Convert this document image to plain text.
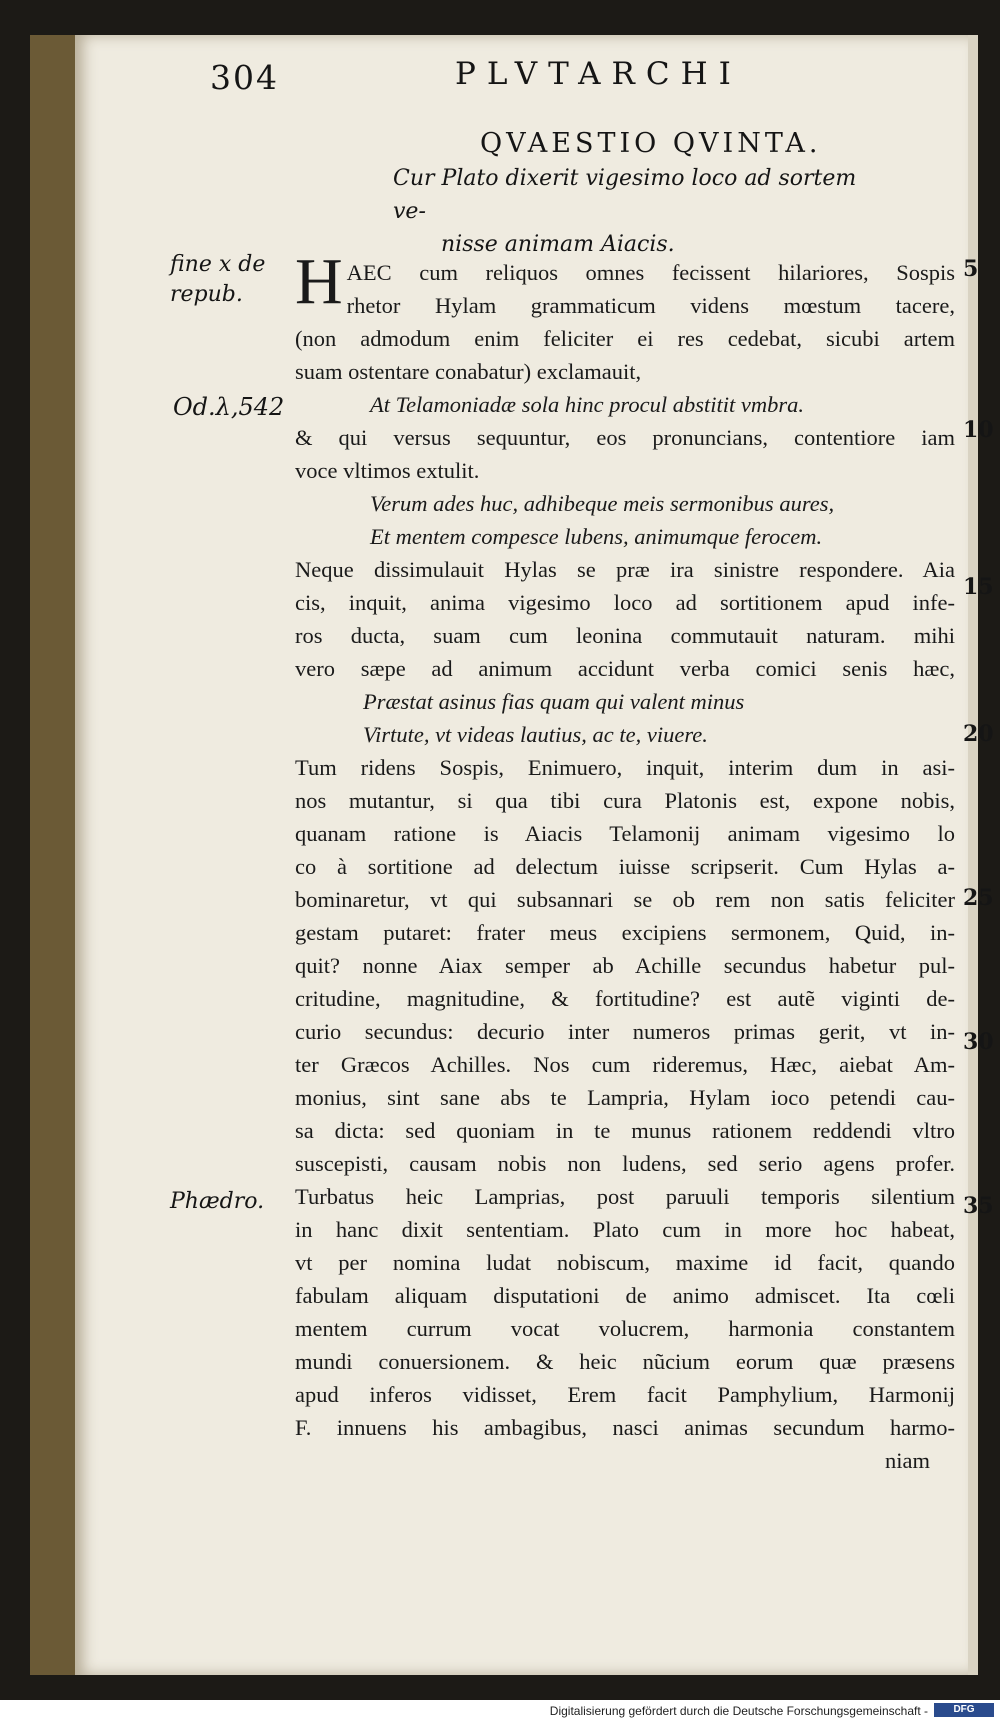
304	PLVTARCHI
QVAESTIO QVINTA.
Cur Plato dixerit vigesimo loco ad sortem ve-
nisse animam Aiacis.
fine x de
repub.
Od.λ,542
Phædro.
5
10
15
20
25
30
35
H AEC cum reliquos omnes fecissent hilariores, Sospis
rhetor Hylam grammaticum videns mœstum tacere,
(non admodum enim feliciter ei res cedebat, sicubi artem
suam ostentare conabatur) exclamauit,
At Telamoniadæ sola hinc procul abstitit vmbra.
& qui versus sequuntur, eos pronuncians, contentiore iam
voce vltimos extulit.
Verum ades huc, adhibeque meis sermonibus aures,
Et mentem compesce lubens, animumque ferocem.
Neque dissimulauit Hylas se præ ira sinistre respondere. Aia
cis, inquit, anima vigesimo loco ad sortitionem apud infe-
ros ducta, suam cum leonina commutauit naturam. mihi
vero sæpe ad animum accidunt verba comici senis hæc,
Præstat asinus fias quam qui valent minus
Virtute, vt videas lautius, ac te, viuere.
Tum ridens Sospis, Enimuero, inquit, interim dum in asi-
nos mutantur, si qua tibi cura Platonis est, expone nobis,
quanam ratione is Aiacis Telamonij animam vigesimo lo
co à sortitione ad delectum iuisse scripserit. Cum Hylas a-
bominaretur, vt qui subsannari se ob rem non satis feliciter
gestam putaret: frater meus excipiens sermonem, Quid, in-
quit? nonne Aiax semper ab Achille secundus habetur pul-
critudine, magnitudine, & fortitudine? est autẽ viginti de-
curio secundus: decurio inter numeros primas gerit, vt in-
ter Græcos Achilles. Nos cum rideremus, Hæc, aiebat Am-
monius, sint sane abs te Lampria, Hylam ioco petendi cau-
sa dicta: sed quoniam in te munus rationem reddendi vltro
suscepisti, causam nobis non ludens, sed serio agens profer.
Turbatus heic Lamprias, post paruuli temporis silentium
in hanc dixit sententiam. Plato cum in more hoc habeat,
vt per nomina ludat nobiscum, maxime id facit, quando
fabulam aliquam disputationi de animo admiscet. Ita cœli
mentem currum vocat volucrem, harmonia constantem
mundi conuersionem. & heic nũcium eorum quæ præsens
apud inferos vidisset, Erem facit Pamphylium, Harmonij
F. innuens his ambagibus, nasci animas secundum harmo-
niam
Digitalisierung gefördert durch die Deutsche Forschungsgemeinschaft -	DFG
